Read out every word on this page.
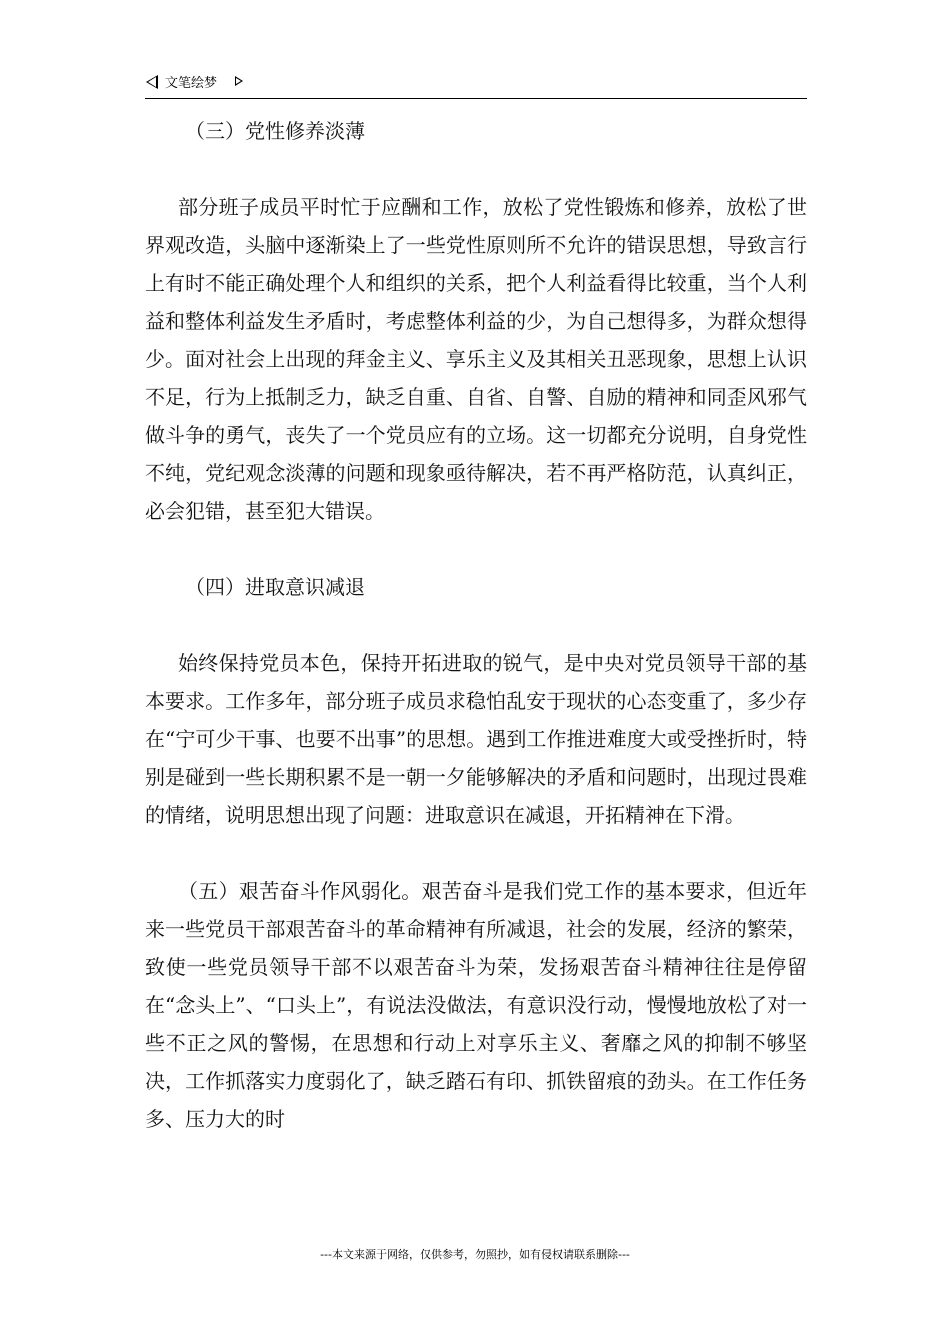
文笔绘梦

（三）党性修养淡薄

部分班子成员平时忙于应酬和工作，放松了党性锻炼和修养，放松了世界观改造，头脑中逐渐染上了一些党性原则所不允许的错误思想，导致言行上有时不能正确处理个人和组织的关系，把个人利益看得比较重，当个人利益和整体利益发生矛盾时，考虑整体利益的少，为自己想得多，为群众想得少。面对社会上出现的拜金主义、享乐主义及其相关丑恶现象，思想上认识不足，行为上抵制乏力，缺乏自重、自省、自警、自励的精神和同歪风邪气做斗争的勇气，丧失了一个党员应有的立场。这一切都充分说明，自身党性不纯，党纪观念淡薄的问题和现象亟待解决，若不再严格防范，认真纠正，必会犯错，甚至犯大错误。

（四）进取意识减退

始终保持党员本色，保持开拓进取的锐气，是中央对党员领导干部的基本要求。工作多年，部分班子成员求稳怕乱安于现状的心态变重了，多少存在“宁可少干事、也要不出事”的思想。遇到工作推进难度大或受挫折时，特别是碰到一些长期积累不是一朝一夕能够解决的矛盾和问题时，出现过畏难的情绪，说明思想出现了问题：进取意识在减退，开拓精神在下滑。

（五）艰苦奋斗作风弱化。艰苦奋斗是我们党工作的基本要求，但近年来一些党员干部艰苦奋斗的革命精神有所减退，社会的发展，经济的繁荣，致使一些党员领导干部不以艰苦奋斗为荣，发扬艰苦奋斗精神往往是停留在“念头上”、“口头上”，有说法没做法，有意识没行动，慢慢地放松了对一些不正之风的警惕，在思想和行动上对享乐主义、奢靡之风的抑制不够坚决，工作抓落实力度弱化了，缺乏踏石有印、抓铁留痕的劲头。在工作任务多、压力大的时

---本文来源于网络，仅供参考，勿照抄，如有侵权请联系删除---
